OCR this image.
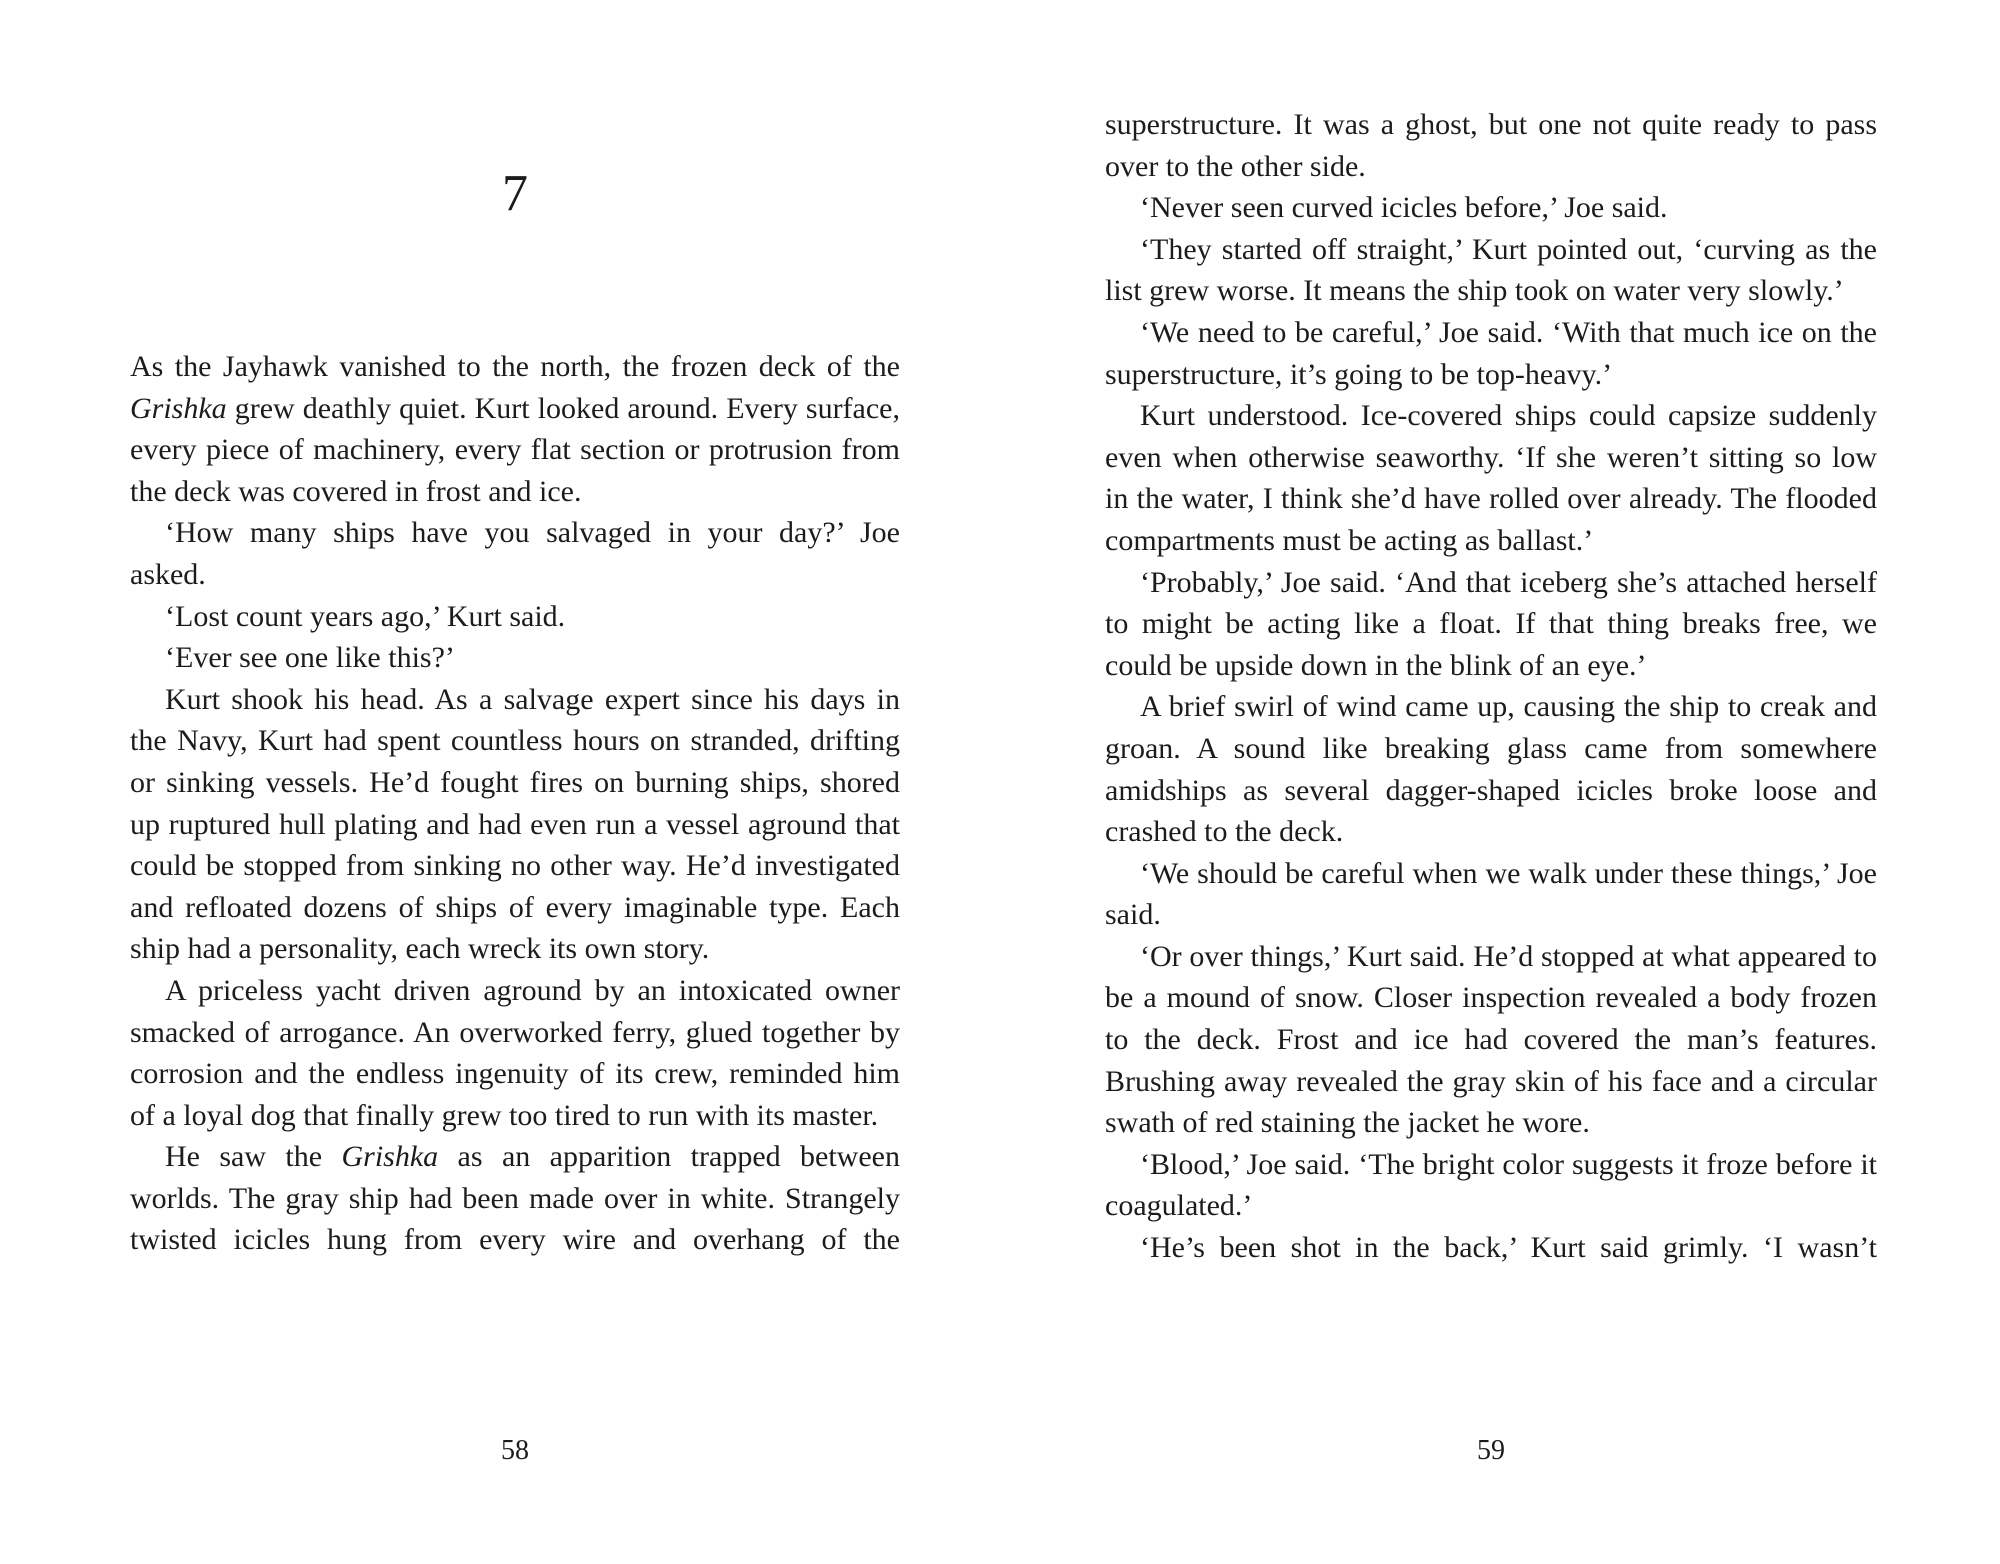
7

As the Jayhawk vanished to the north, the frozen deck of the Grishka grew deathly quiet. Kurt looked around. Every surface, every piece of machinery, every flat section or protrusion from the deck was covered in frost and ice.

‘How many ships have you salvaged in your day?’ Joe asked.

‘Lost count years ago,’ Kurt said.

‘Ever see one like this?’

Kurt shook his head. As a salvage expert since his days in the Navy, Kurt had spent countless hours on stranded, drifting or sinking vessels. He’d fought fires on burning ships, shored up ruptured hull plating and had even run a vessel aground that could be stopped from sinking no other way. He’d investigated and refloated dozens of ships of every imaginable type. Each ship had a personality, each wreck its own story.

A priceless yacht driven aground by an intoxicated owner smacked of arrogance. An overworked ferry, glued together by corrosion and the endless ingenuity of its crew, reminded him of a loyal dog that finally grew too tired to run with its master.

He saw the Grishka as an apparition trapped between worlds. The gray ship had been made over in white. Strangely twisted icicles hung from every wire and overhang of the

58

superstructure. It was a ghost, but one not quite ready to pass over to the other side.

‘Never seen curved icicles before,’ Joe said.

‘They started off straight,’ Kurt pointed out, ‘curving as the list grew worse. It means the ship took on water very slowly.’

‘We need to be careful,’ Joe said. ‘With that much ice on the superstructure, it’s going to be top-heavy.’

Kurt understood. Ice-covered ships could capsize suddenly even when otherwise seaworthy. ‘If she weren’t sitting so low in the water, I think she’d have rolled over already. The flooded compartments must be acting as ballast.’

‘Probably,’ Joe said. ‘And that iceberg she’s attached herself to might be acting like a float. If that thing breaks free, we could be upside down in the blink of an eye.’

A brief swirl of wind came up, causing the ship to creak and groan. A sound like breaking glass came from somewhere amidships as several dagger-shaped icicles broke loose and crashed to the deck.

‘We should be careful when we walk under these things,’ Joe said.

‘Or over things,’ Kurt said. He’d stopped at what appeared to be a mound of snow. Closer inspection revealed a body frozen to the deck. Frost and ice had covered the man’s features. Brushing away revealed the gray skin of his face and a circular swath of red staining the jacket he wore.

‘Blood,’ Joe said. ‘The bright color suggests it froze before it coagulated.’

‘He’s been shot in the back,’ Kurt said grimly. ‘I wasn’t

59
